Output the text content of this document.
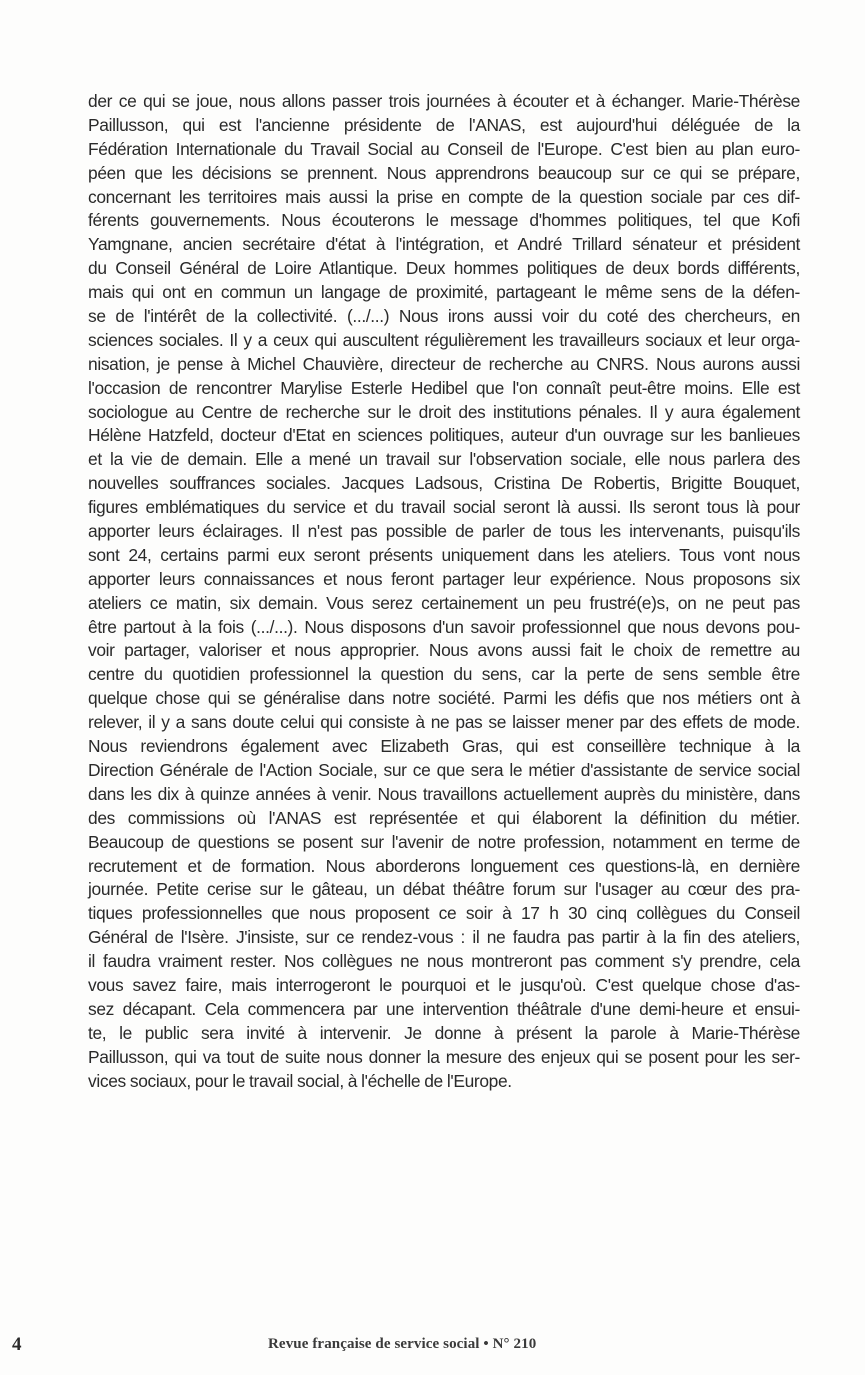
der ce qui se joue, nous allons passer trois journées à écouter et à échanger. Marie-Thérèse
Paillusson, qui est l'ancienne présidente de l'ANAS, est aujourd'hui déléguée de la
Fédération Internationale du Travail Social au Conseil de l'Europe. C'est bien au plan euro-
péen que les décisions se prennent. Nous apprendrons beaucoup sur ce qui se prépare,
concernant les territoires mais aussi la prise en compte de la question sociale par ces dif-
férents gouvernements. Nous écouterons le message d'hommes politiques, tel que Kofi
Yamgnane, ancien secrétaire d'état à l'intégration, et André Trillard sénateur et président
du Conseil Général de Loire Atlantique. Deux hommes politiques de deux bords différents,
mais qui ont en commun un langage de proximité, partageant le même sens de la défen-
se de l'intérêt de la collectivité. (.../...) Nous irons aussi voir du coté des chercheurs, en
sciences sociales. Il y a ceux qui auscultent régulièrement les travailleurs sociaux et leur orga-
nisation, je pense à Michel Chauvière, directeur de recherche au CNRS. Nous aurons aussi
l'occasion de rencontrer Marylise Esterle Hedibel que l'on connaît peut-être moins. Elle est
sociologue au Centre de recherche sur le droit des institutions pénales. Il y aura également
Hélène Hatzfeld, docteur d'Etat en sciences politiques, auteur d'un ouvrage sur les banlieues
et la vie de demain. Elle a mené un travail sur l'observation sociale, elle nous parlera des
nouvelles souffrances sociales. Jacques Ladsous, Cristina De Robertis, Brigitte Bouquet,
figures emblématiques du service et du travail social seront là aussi. Ils seront tous là pour
apporter leurs éclairages. Il n'est pas possible de parler de tous les intervenants, puisqu'ils
sont 24, certains parmi eux seront présents uniquement dans les ateliers. Tous vont nous
apporter leurs connaissances et nous feront partager leur expérience. Nous proposons six
ateliers ce matin, six demain. Vous serez certainement un peu frustré(e)s, on ne peut pas
être partout à la fois (.../...). Nous disposons d'un savoir professionnel que nous devons pou-
voir partager, valoriser et nous approprier. Nous avons aussi fait le choix de remettre au
centre du quotidien professionnel la question du sens, car la perte de sens semble être
quelque chose qui se généralise dans notre société. Parmi les défis que nos métiers ont à
relever, il y a sans doute celui qui consiste à ne pas se laisser mener par des effets de mode.
Nous reviendrons également avec Elizabeth Gras, qui est conseillère technique à la
Direction Générale de l'Action Sociale, sur ce que sera le métier d'assistante de service social
dans les dix à quinze années à venir. Nous travaillons actuellement auprès du ministère, dans
des commissions où l'ANAS est représentée et qui élaborent la définition du métier.
Beaucoup de questions se posent sur l'avenir de notre profession, notamment en terme de
recrutement et de formation. Nous aborderons longuement ces questions-là, en dernière
journée. Petite cerise sur le gâteau, un débat théâtre forum sur l'usager au cœur des pra-
tiques professionnelles que nous proposent ce soir à 17 h 30 cinq collègues du Conseil
Général de l'Isère. J'insiste, sur ce rendez-vous : il ne faudra pas partir à la fin des ateliers,
il faudra vraiment rester. Nos collègues ne nous montreront pas comment s'y prendre, cela
vous savez faire, mais interrogeront le pourquoi et le jusqu'où. C'est quelque chose d'as-
sez décapant. Cela commencera par une intervention théâtrale d'une demi-heure et ensui-
te, le public sera invité à intervenir. Je donne à présent la parole à Marie-Thérèse
Paillusson, qui va tout de suite nous donner la mesure des enjeux qui se posent pour les ser-
vices sociaux, pour le travail social, à l'échelle de l'Europe.
4	Revue française de service social • N° 210
